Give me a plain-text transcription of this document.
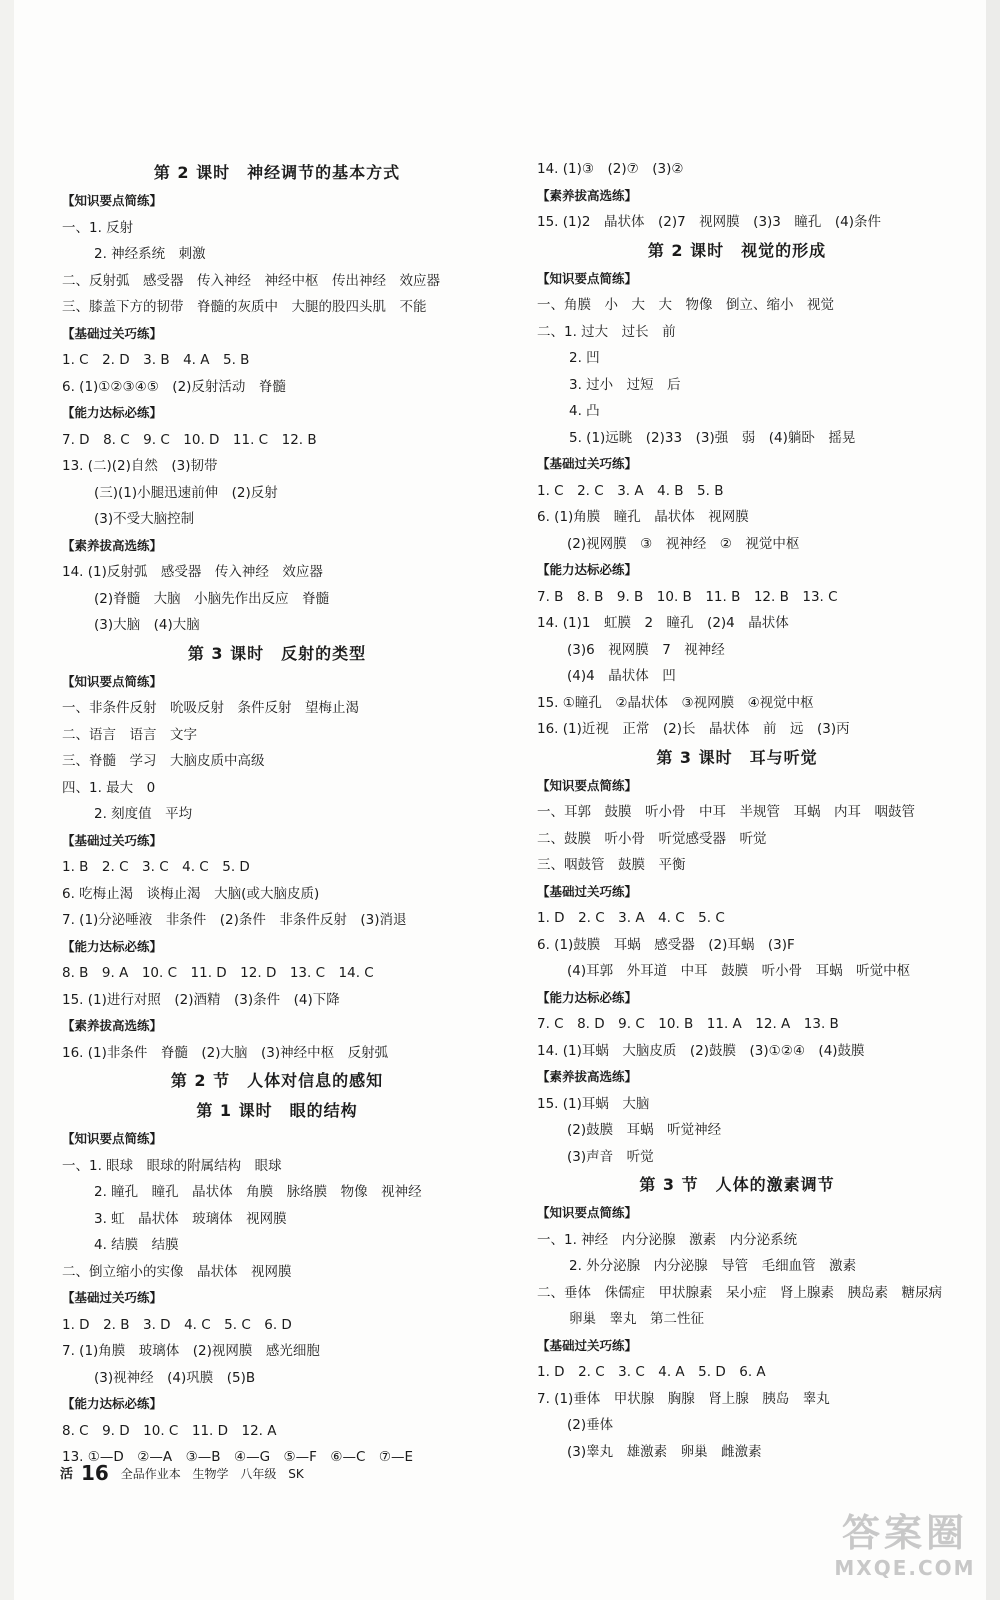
第 2 课时　神经调节的基本方式
【知识要点简练】
一、1. 反射
2. 神经系统　刺激
二、反射弧　感受器　传入神经　神经中枢　传出神经　效应器
三、膝盖下方的韧带　脊髓的灰质中　大腿的股四头肌　不能
【基础过关巧练】
1. C　2. D　3. B　4. A　5. B
6. (1)①②③④⑤　(2)反射活动　脊髓
【能力达标必练】
7. D　8. C　9. C　10. D　11. C　12. B
13. (二)(2)自然　(3)韧带
(三)(1)小腿迅速前伸　(2)反射
(3)不受大脑控制
【素养拔高选练】
14. (1)反射弧　感受器　传入神经　效应器
(2)脊髓　大脑　小脑先作出反应　脊髓
(3)大脑　(4)大脑
第 3 课时　反射的类型
【知识要点简练】
一、非条件反射　吮吸反射　条件反射　望梅止渴
二、语言　语言　文字
三、脊髓　学习　大脑皮质中高级
四、1. 最大　0
2. 刻度值　平均
【基础过关巧练】
1. B　2. C　3. C　4. C　5. D
6. 吃梅止渴　谈梅止渴　大脑(或大脑皮质)
7. (1)分泌唾液　非条件　(2)条件　非条件反射　(3)消退
【能力达标必练】
8. B　9. A　10. C　11. D　12. D　13. C　14. C
15. (1)进行对照　(2)酒精　(3)条件　(4)下降
【素养拔高选练】
16. (1)非条件　脊髓　(2)大脑　(3)神经中枢　反射弧
第 2 节　人体对信息的感知
第 1 课时　眼的结构
【知识要点简练】
一、1. 眼球　眼球的附属结构　眼球
2. 瞳孔　瞳孔　晶状体　角膜　脉络膜　物像　视神经
3. 虹　晶状体　玻璃体　视网膜
4. 结膜　结膜
二、倒立缩小的实像　晶状体　视网膜
【基础过关巧练】
1. D　2. B　3. D　4. C　5. C　6. D
7. (1)角膜　玻璃体　(2)视网膜　感光细胞
(3)视神经　(4)巩膜　(5)B
【能力达标必练】
8. C　9. D　10. C　11. D　12. A
13. ①—D　②—A　③—B　④—G　⑤—F　⑥—C　⑦—E
14. (1)③　(2)⑦　(3)②
【素养拔高选练】
15. (1)2　晶状体　(2)7　视网膜　(3)3　瞳孔　(4)条件
第 2 课时　视觉的形成
【知识要点简练】
一、角膜　小　大　大　物像　倒立、缩小　视觉
二、1. 过大　过长　前
2. 凹
3. 过小　过短　后
4. 凸
5. (1)远眺　(2)33　(3)强　弱　(4)躺卧　摇晃
【基础过关巧练】
1. C　2. C　3. A　4. B　5. B
6. (1)角膜　瞳孔　晶状体　视网膜
(2)视网膜　③　视神经　②　视觉中枢
【能力达标必练】
7. B　8. B　9. B　10. B　11. B　12. B　13. C
14. (1)1　虹膜　2　瞳孔　(2)4　晶状体
(3)6　视网膜　7　视神经
(4)4　晶状体　凹
15. ①瞳孔　②晶状体　③视网膜　④视觉中枢
16. (1)近视　正常　(2)长　晶状体　前　远　(3)丙
第 3 课时　耳与听觉
【知识要点简练】
一、耳郭　鼓膜　听小骨　中耳　半规管　耳蜗　内耳　咽鼓管
二、鼓膜　听小骨　听觉感受器　听觉
三、咽鼓管　鼓膜　平衡
【基础过关巧练】
1. D　2. C　3. A　4. C　5. C
6. (1)鼓膜　耳蜗　感受器　(2)耳蜗　(3)F
(4)耳郭　外耳道　中耳　鼓膜　听小骨　耳蜗　听觉中枢
【能力达标必练】
7. C　8. D　9. C　10. B　11. A　12. A　13. B
14. (1)耳蜗　大脑皮质　(2)鼓膜　(3)①②④　(4)鼓膜
【素养拔高选练】
15. (1)耳蜗　大脑
(2)鼓膜　耳蜗　听觉神经
(3)声音　听觉
第 3 节　人体的激素调节
【知识要点简练】
一、1. 神经　内分泌腺　激素　内分泌系统
2. 外分泌腺　内分泌腺　导管　毛细血管　激素
二、垂体　侏儒症　甲状腺素　呆小症　肾上腺素　胰岛素　糖尿病
卵巢　睾丸　第二性征
【基础过关巧练】
1. D　2. C　3. C　4. A　5. D　6. A
7. (1)垂体　甲状腺　胸腺　肾上腺　胰岛　睾丸
(2)垂体
(3)睾丸　雄激素　卵巢　雌激素
活 16 全品作业本 生物学 八年级 SK
答案圈
MXQE.COM
